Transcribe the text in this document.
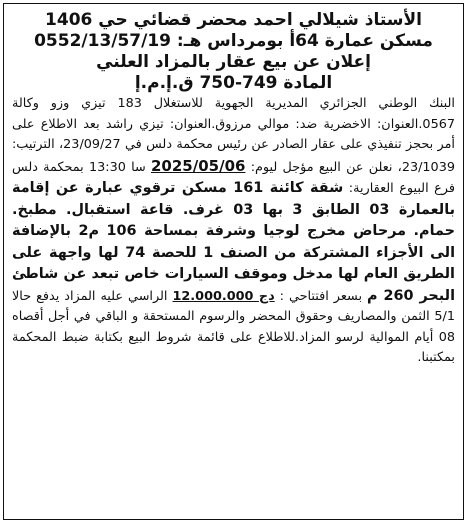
الأستاذ شيلالي احمد محضر قضائي حي 1406

مسكن عمارة 64أ بومرداس هـ: 0552/13/57/19

إعلان عن بيع عقار بالمزاد العلني

المادة 749-750 ق.إ.م.إ

البنك الوطني الجزائري المديرية الجهوية للاستغلال 183 تيزي وزو وكالة 0567.العنوان: الاخضرية ضد: موالي مرزوق.العنوان: تيزي راشد بعد الاطلاع على أمر بحجز تنفيذي على عقار الصادر عن رئيس محكمة دلس في 23/09/27، الترتيب: 23/1039، نعلن عن البيع مؤجل ليوم: 2025/05/06 سا 13:30 بمحكمة دلس فرع البيوع العقارية: شقة كائنة 161 مسكن ترقوي عبارة عن إقامة بالعمارة 03 الطابق 3 بها 03 غرف. قاعة استقبال. مطبخ. حمام. مرحاض مخرج لوجيا وشرفة بمساحة 106 م2 بالإضافة الى الأجزاء المشتركة من الصنف 1 للحصة 74 لها واجهة على الطريق العام لها مدخل وموقف السيارات خاص تبعد عن شاطئ البحر 260 م بسعر افتتاحي : 12.000.000 دج الراسي عليه المزاد يدفع حالا 5/1 الثمن والمصاريف وحقوق المحضر والرسوم المستحقة و الباقي في أجل أقصاه 08 أيام الموالية لرسو المزاد.للاطلاع على قائمة شروط البيع بكتابة ضبط المحكمة بمكتبنا.
